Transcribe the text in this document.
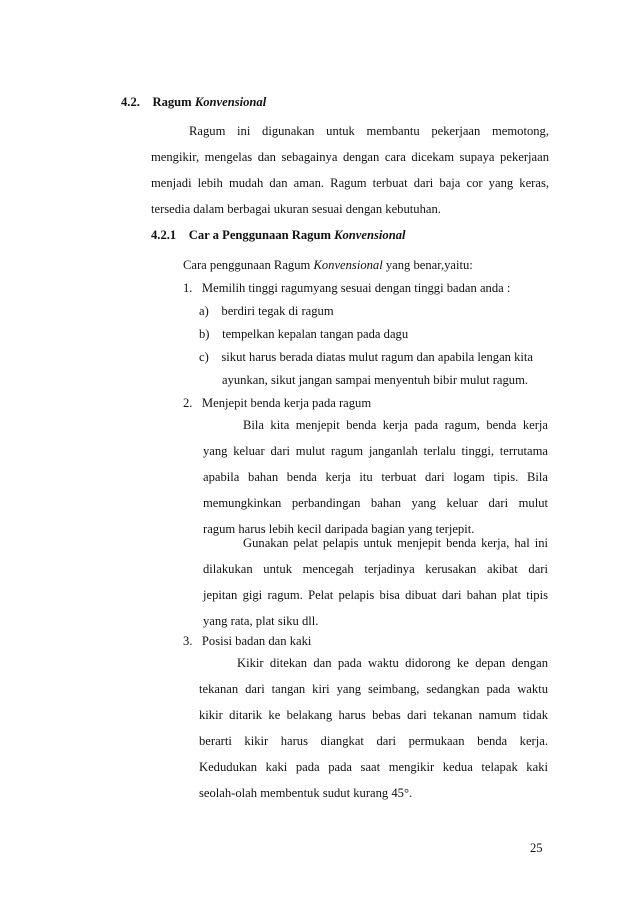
4.2. Ragum Konvensional
Ragum ini digunakan untuk membantu pekerjaan memotong,
mengikir, mengelas dan sebagainya dengan cara dicekam supaya pekerjaan
menjadi lebih mudah dan aman. Ragum terbuat dari baja cor yang keras,
tersedia dalam berbagai ukuran sesuai dengan kebutuhan.
4.2.1 Car a Penggunaan Ragum Konvensional
Cara penggunaan Ragum Konvensional yang benar,yaitu:
1. Memilih tinggi ragumyang sesuai dengan tinggi badan anda :
a) berdiri tegak di ragum
b) tempelkan kepalan tangan pada dagu
c) sikut harus berada diatas mulut ragum dan apabila lengan kita
ayunkan, sikut jangan sampai menyentuh bibir mulut ragum.
2. Menjepit benda kerja pada ragum
Bila kita menjepit benda kerja pada ragum, benda kerja
yang keluar dari mulut ragum janganlah terlalu tinggi, terrutama
apabila bahan benda kerja itu terbuat dari logam tipis. Bila
memungkinkan perbandingan bahan yang keluar dari mulut
ragum harus lebih kecil daripada bagian yang terjepit.
Gunakan pelat pelapis untuk menjepit benda kerja, hal ini
dilakukan untuk mencegah terjadinya kerusakan akibat dari
jepitan gigi ragum. Pelat pelapis bisa dibuat dari bahan plat tipis
yang rata, plat siku dll.
3. Posisi badan dan kaki
Kikir ditekan dan pada waktu didorong ke depan dengan
tekanan dari tangan kiri yang seimbang, sedangkan pada waktu
kikir ditarik ke belakang harus bebas dari tekanan namum tidak
berarti kikir harus diangkat dari permukaan benda kerja.
Kedudukan kaki pada pada saat mengikir kedua telapak kaki
seolah-olah membentuk sudut kurang 45°.
25
